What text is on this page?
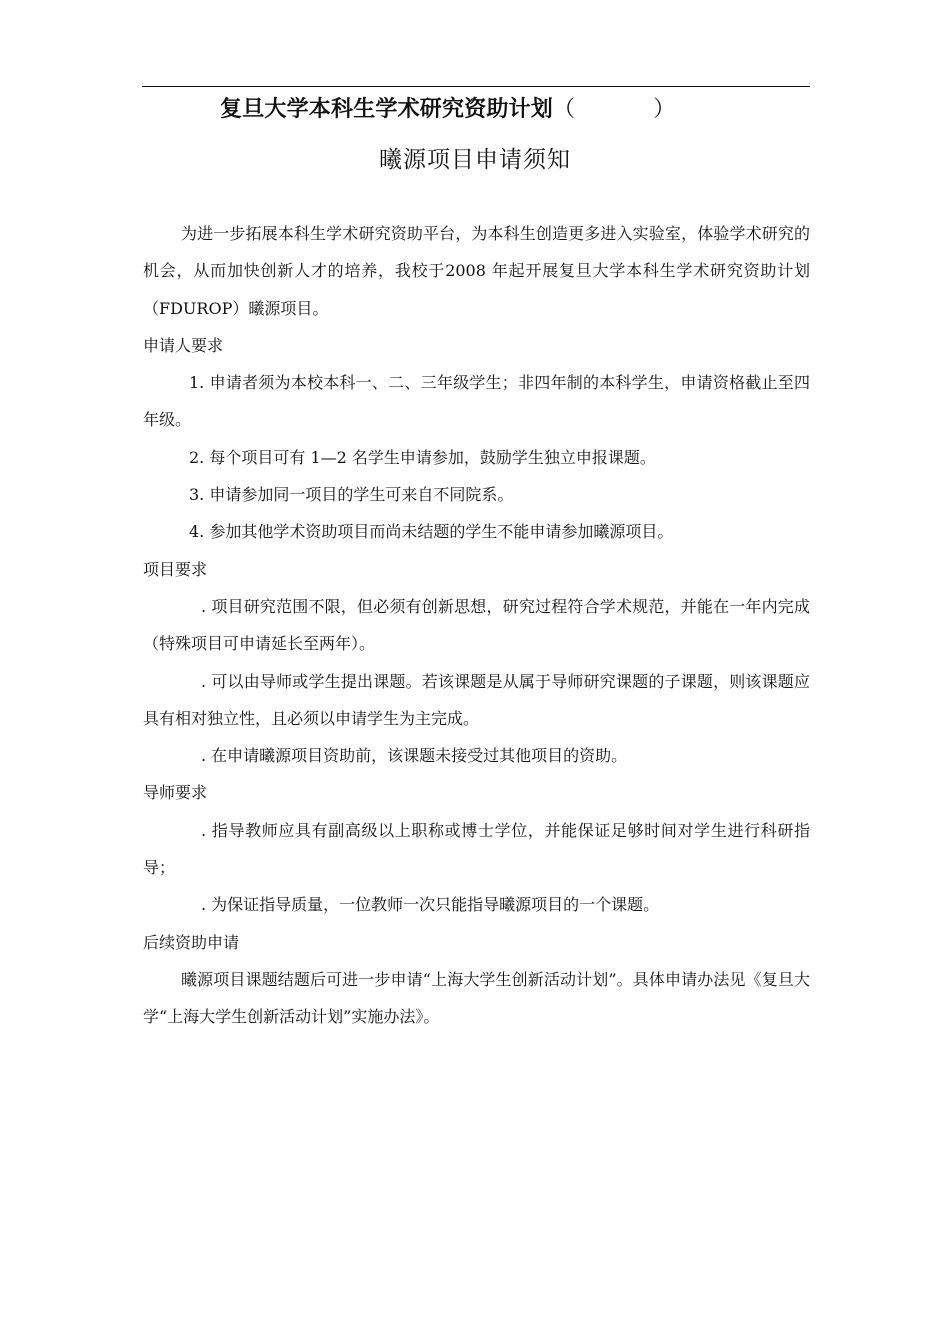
复旦大学本科生学术研究资助计划（	）
曦源项目申请须知

为进一步拓展本科生学术研究资助平台，为本科生创造更多进入实验室，体验学术研究的机会，从而加快创新人才的培养，我校于2008 年起开展复旦大学本科生学术研究资助计划（FDUROP）曦源项目。

申请人要求

1. 申请者须为本校本科一、二、三年级学生；非四年制的本科学生，申请资格截止至四年级。

2. 每个项目可有 1—2 名学生申请参加，鼓励学生独立申报课题。

3. 申请参加同一项目的学生可来自不同院系。

4. 参加其他学术资助项目而尚未结题的学生不能申请参加曦源项目。

项目要求

. 项目研究范围不限，但必须有创新思想，研究过程符合学术规范，并能在一年内完成（特殊项目可申请延长至两年）。

. 可以由导师或学生提出课题。若该课题是从属于导师研究课题的子课题，则该课题应具有相对独立性，且必须以申请学生为主完成。

. 在申请曦源项目资助前，该课题未接受过其他项目的资助。

导师要求

. 指导教师应具有副高级以上职称或博士学位，并能保证足够时间对学生进行科研指导；

. 为保证指导质量，一位教师一次只能指导曦源项目的一个课题。

后续资助申请

曦源项目课题结题后可进一步申请“上海大学生创新活动计划”。具体申请办法见《复旦大学“上海大学生创新活动计划”实施办法》。
